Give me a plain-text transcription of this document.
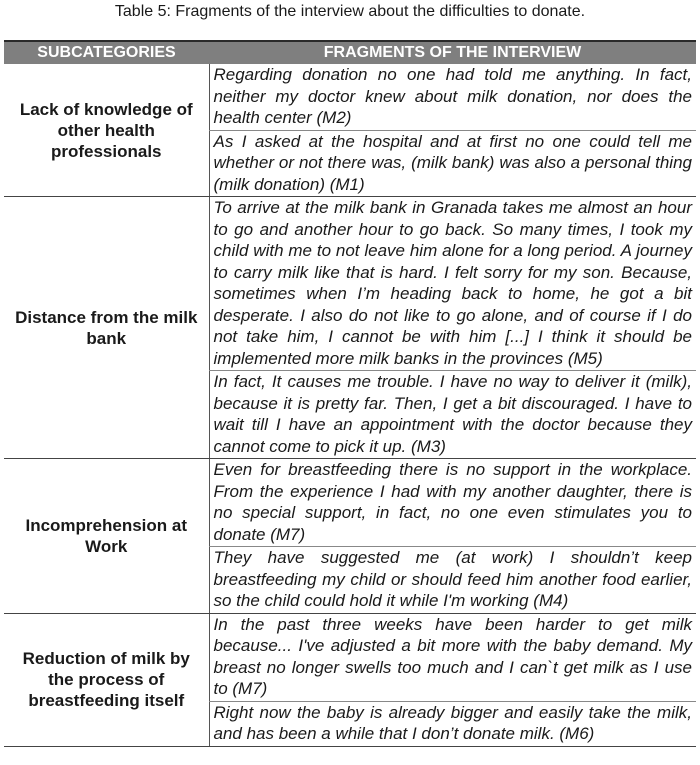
Table 5: Fragments of the interview about the difficulties to donate.
SUBCATEGORIES	FRAGMENTS OF THE INTERVIEW
Lack of knowledge of other health professionals	Regarding donation no one had told me anything. In fact, neither my doctor knew about milk donation, nor does the health center (M2)
	As I asked at the hospital and at first no one could tell me whether or not there was, (milk bank) was also a personal thing (milk donation) (M1)
Distance from the milk bank	To arrive at the milk bank in Granada takes me almost an hour to go and another hour to go back. So many times, I took my child with me to not leave him alone for a long period. A journey to carry milk like that is hard. I felt sorry for my son. Because, sometimes when I’m heading back to home, he got a bit desperate. I also do not like to go alone, and of course if I do not take him, I cannot be with him [...] I think it should be implemented more milk banks in the provinces (M5)
	In fact, It causes me trouble. I have no way to deliver it (milk), because it is pretty far. Then, I get a bit discouraged. I have to wait till I have an appointment with the doctor because they cannot come to pick it up. (M3)
Incomprehension at Work	Even for breastfeeding there is no support in the workplace. From the experience I had with my another daughter, there is no special support, in fact, no one even stimulates you to donate (M7)
	They have suggested me (at work) I shouldn’t keep breastfeeding my child or should feed him another food earlier, so the child could hold it while I'm working (M4)
Reduction of milk by the process of breastfeeding itself	In the past three weeks have been harder to get milk because... I've adjusted a bit more with the baby demand. My breast no longer swells too much and I can`t get milk as I use to (M7)
	Right now the baby is already bigger and easily take the milk, and has been a while that I don’t donate milk. (M6)
